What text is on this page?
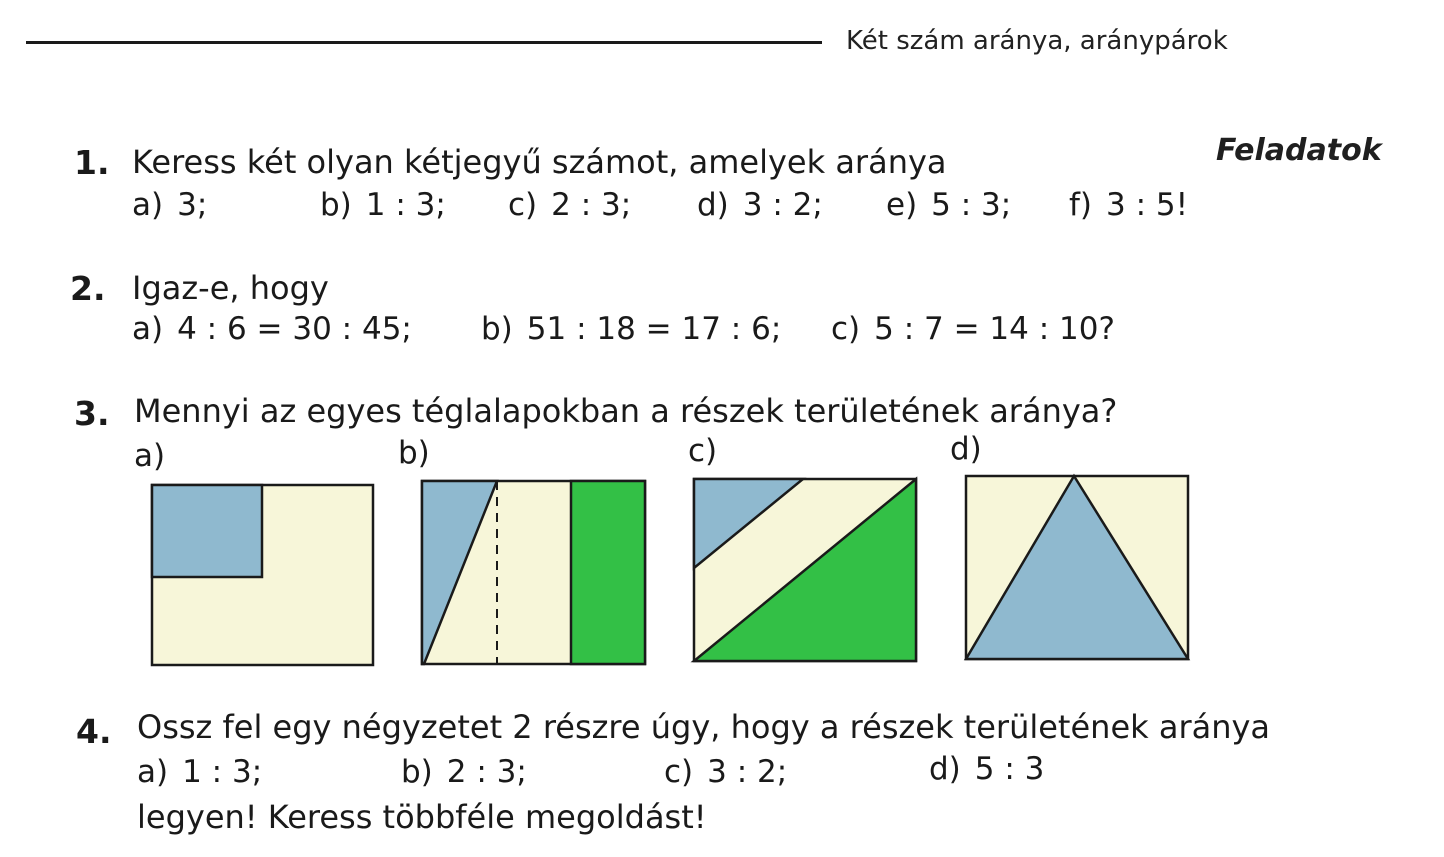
Két szám aránya, aránypárok
Feladatok
1. Keress két olyan kétjegyű számot, amelyek aránya
a) 3;	b) 1 : 3; c) 2 : 3; d) 3 : 2; e) 5 : 3; f) 3 : 5!
2. Igaz-e, hogy
a) 4 : 6 = 30 : 45; b) 51 : 18 = 17 : 6; c) 5 : 7 = 14 : 10?
3. Mennyi az egyes téglalapokban a részek területének aránya?
a)	b)	c)	d)
4. Ossz fel egy négyzetet 2 részre úgy, hogy a részek területének aránya
a) 1 : 3;	b) 2 : 3;	c) 3 : 2;	d) 5 : 3
legyen! Keress többféle megoldást!
